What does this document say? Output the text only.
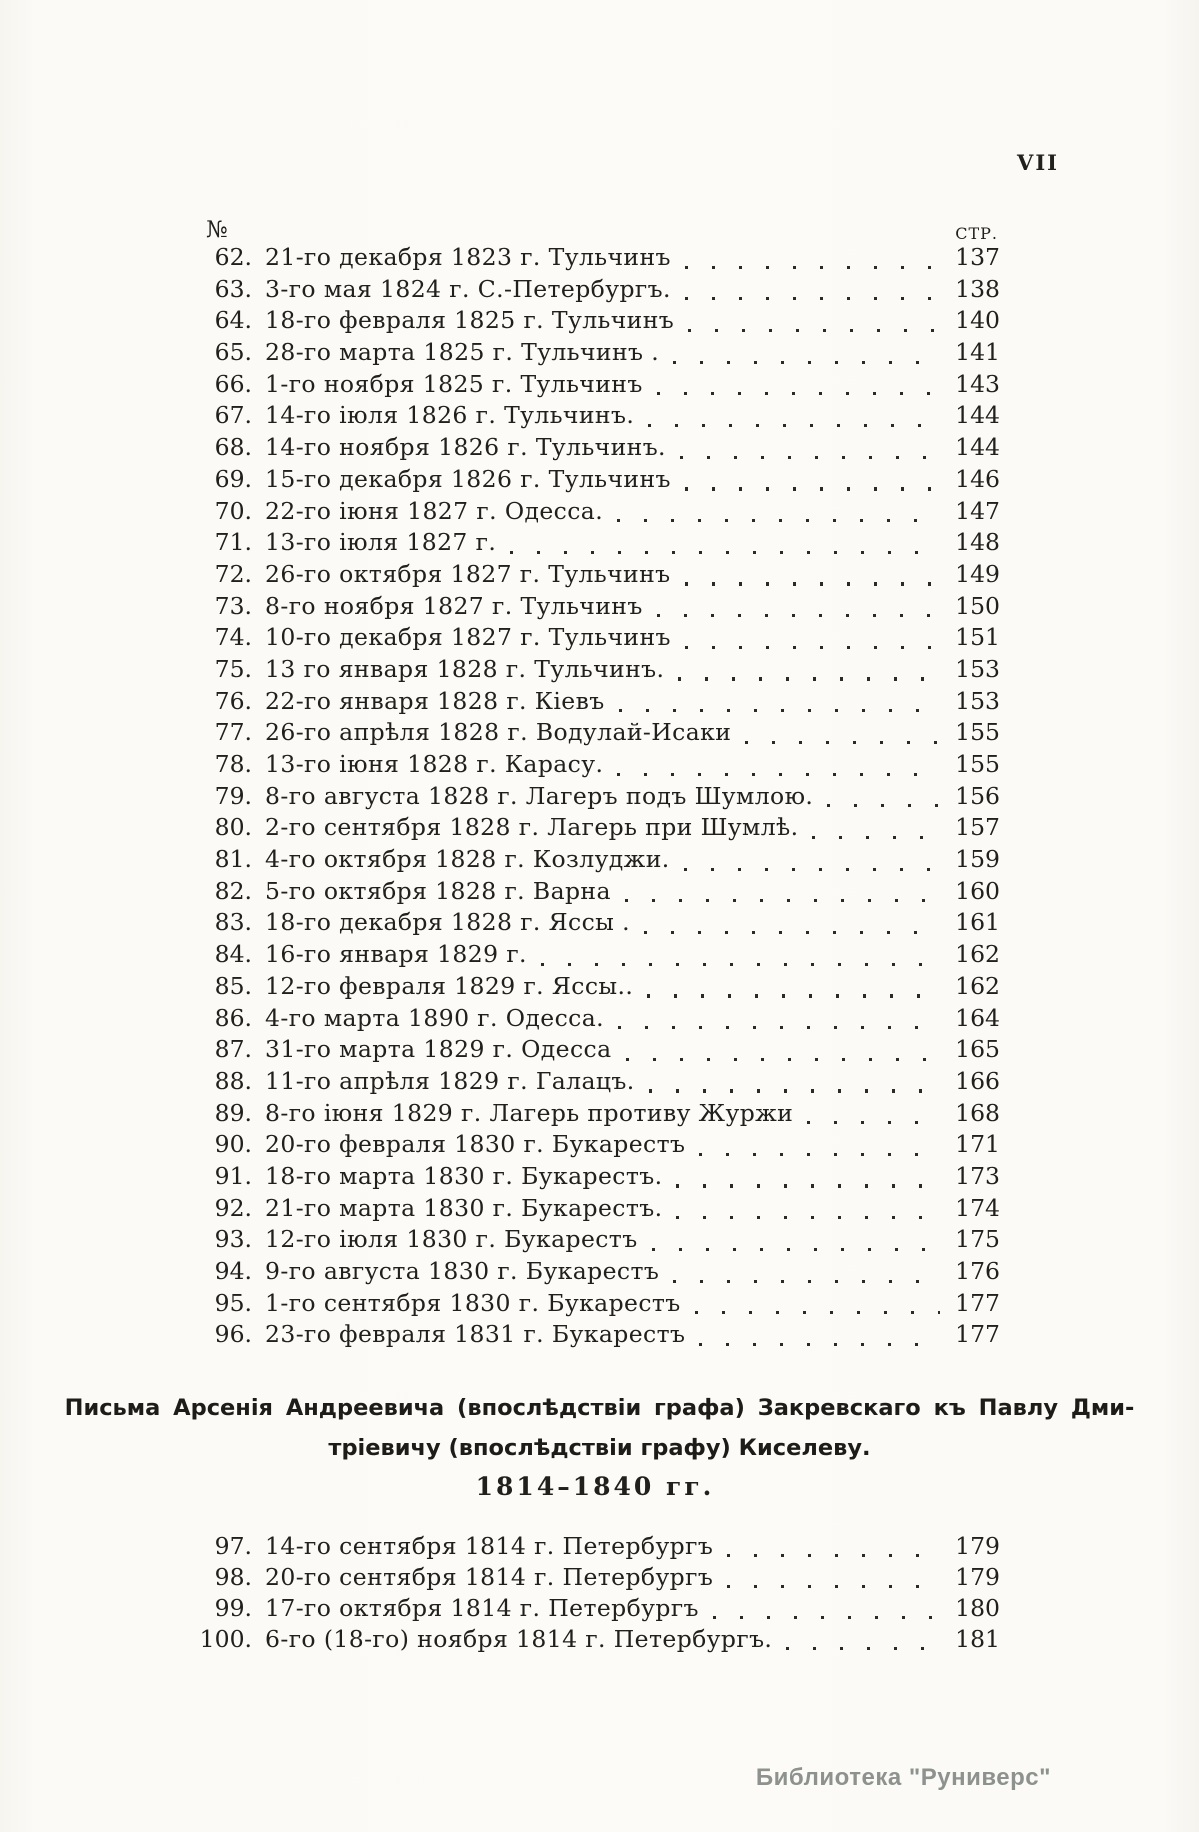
VII
№	СТР.
62. 21-го декабря 1823 г. Тульчинъ	137
63. 3-го мая 1824 г. С.-Петербургъ.	138
64. 18-го февраля 1825 г. Тульчинъ	140
65. 28-го марта 1825 г. Тульчинъ .	141
66. 1-го ноября 1825 г. Тульчинъ	143
67. 14-го іюля 1826 г. Тульчинъ.	144
68. 14-го ноября 1826 г. Тульчинъ.	144
69. 15-го декабря 1826 г. Тульчинъ	146
70. 22-го іюня 1827 г. Одесса.	147
71. 13-го іюля 1827 г.	148
72. 26-го октября 1827 г. Тульчинъ	149
73. 8-го ноября 1827 г. Тульчинъ	150
74. 10-го декабря 1827 г. Тульчинъ	151
75. 13 го января 1828 г. Тульчинъ.	153
76. 22-го января 1828 г. Кіевъ	153
77. 26-го апрѣля 1828 г. Водулай-Исаки	155
78. 13-го іюня 1828 г. Карасу.	155
79. 8-го августа 1828 г. Лагеръ подъ Шумлою.	156
80. 2-го сентября 1828 г. Лагерь при Шумлѣ.	157
81. 4-го октября 1828 г. Козлуджи.	159
82. 5-го октября 1828 г. Варна	160
83. 18-го декабря 1828 г. Яссы .	161
84. 16-го января 1829 г.	162
85. 12-го февраля 1829 г. Яссы..	162
86. 4-го марта 1890 г. Одесса.	164
87. 31-го марта 1829 г. Одесса	165
88. 11-го апрѣля 1829 г. Галацъ.	166
89. 8-го іюня 1829 г. Лагерь противу Журжи	168
90. 20-го февраля 1830 г. Букарестъ	171
91. 18-го марта 1830 г. Букарестъ.	173
92. 21-го марта 1830 г. Букарестъ.	174
93. 12-го іюля 1830 г. Букарестъ	175
94. 9-го августа 1830 г. Букарестъ	176
95. 1-го сентября 1830 г. Букарестъ	177
96. 23-го февраля 1831 г. Букарестъ	177
Письма Арсенія Андреевича (впослѣдствіи графа) Закревскаго къ Павлу Дми-
тріевичу (впослѣдствіи графу) Киселеву.
1814–1840 гг.
97. 14-го сентября 1814 г. Петербургъ	179
98. 20-го сентября 1814 г. Петербургъ	179
99. 17-го октября 1814 г. Петербургъ	180
100. 6-го (18-го) ноября 1814 г. Петербургъ.	181
Библиотека "Руниверс"
